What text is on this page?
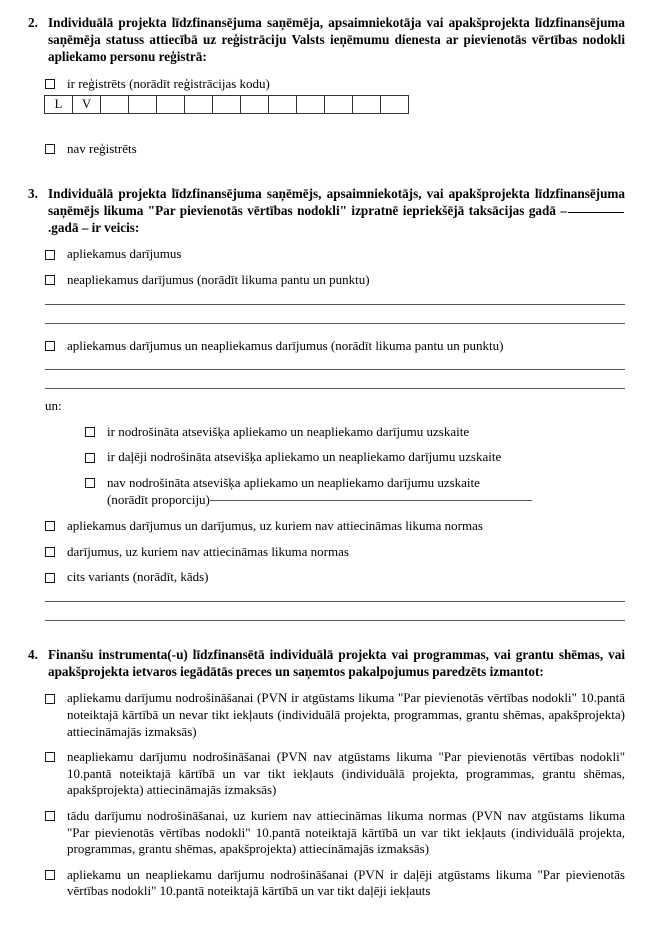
2. Individuālā projekta līdzfinansējuma saņēmēja, apsaimniekotāja vai apakšprojekta līdzfinansējuma saņēmēja statuss attiecībā uz reģistrāciju Valsts ieņēmumu dienesta ar pievienotās vērtības nodokli apliekamo personu reģistrā:

ir reģistrēts (norādīt reģistrācijas kodu)
L	V											
nav reģistrēts
3. Individuālā projekta līdzfinansējuma saņēmējs, apsaimniekotājs, vai apakšprojekta līdzfinansējuma saņēmējs likuma "Par pievienotās vērtības nodokli" izpratnē iepriekšējā taksācijas gadā –.gadā – ir veicis:

apliekamus darījumus
neapliekamus darījumus (norādīt likuma pantu un punktu)
apliekamus darījumus un neapliekamus darījumus (norādīt likuma pantu un punktu)
un:
ir nodrošināta atsevišķa apliekamo un neapliekamo darījumu uzskaite
ir daļēji nodrošināta atsevišķa apliekamo un neapliekamo darījumu uzskaite
nav nodrošināta atsevišķa apliekamo un neapliekamo darījumu uzskaite
(norādīt proporciju)
apliekamus darījumus un darījumus, uz kuriem nav attiecināmas likuma normas
darījumus, uz kuriem nav attiecināmas likuma normas
cits variants (norādīt, kāds)
4. Finanšu instrumenta(-u) līdzfinansētā individuālā projekta vai programmas, vai grantu shēmas, vai apakšprojekta ietvaros iegādātās preces un saņemtos pakalpojumus paredzēts izmantot:

apliekamu darījumu nodrošināšanai (PVN ir atgūstams likuma "Par pievienotās vērtības nodokli" 10.pantā noteiktajā kārtībā un nevar tikt iekļauts (individuālā projekta, programmas, grantu shēmas, apakšprojekta) attiecināmajās izmaksās)
neapliekamu darījumu nodrošināšanai (PVN nav atgūstams likuma "Par pievienotās vērtības nodokli" 10.pantā noteiktajā kārtībā un var tikt iekļauts (individuālā projekta, programmas, grantu shēmas, apakšprojekta) attiecināmajās izmaksās)
tādu darījumu nodrošināšanai, uz kuriem nav attiecināmas likuma normas (PVN nav atgūstams likuma "Par pievienotās vērtības nodokli" 10.pantā noteiktajā kārtībā un var tikt iekļauts (individuālā projekta, programmas, grantu shēmas, apakšprojekta) attiecināmajās izmaksās)
apliekamu un neapliekamu darījumu nodrošināšanai (PVN ir daļēji atgūstams likuma "Par pievienotās vērtības nodokli" 10.pantā noteiktajā kārtībā un var tikt daļēji iekļauts
